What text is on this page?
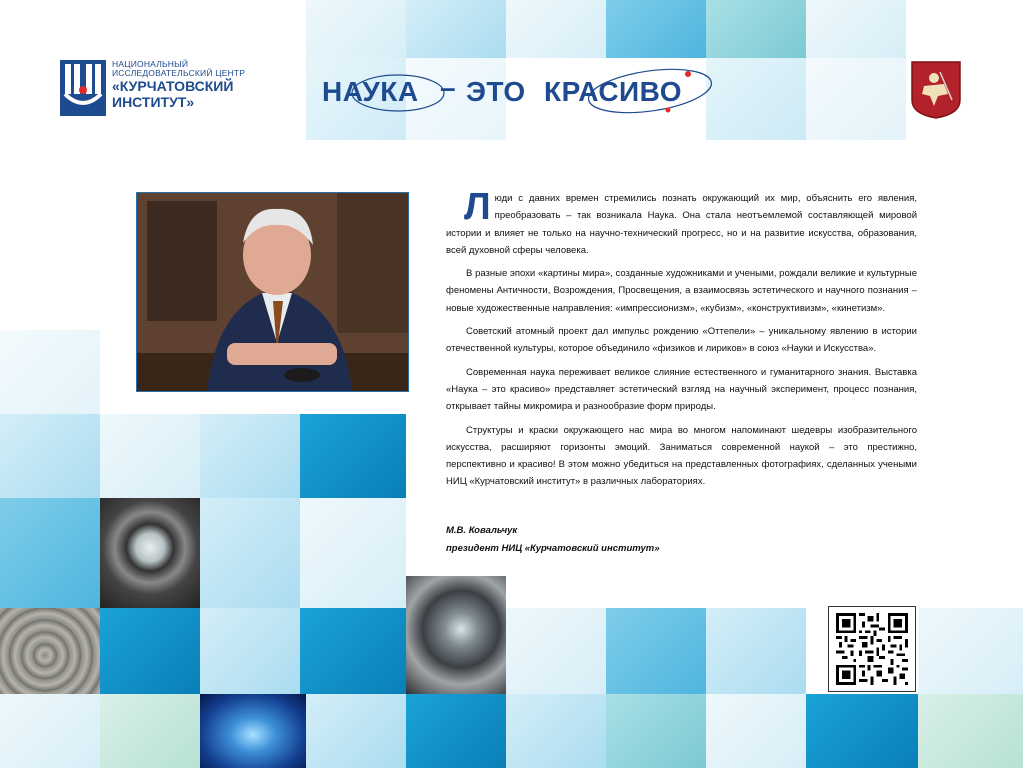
НАЦИОНАЛЬНЫЙ
ИССЛЕДОВАТЕЛЬСКИЙ ЦЕНТР
«КУРЧАТОВСКИЙ
ИНСТИТУТ»	НАУКА – ЭТО КРАСИВО

Л юди с давних времен стремились познать окружающий их мир, объяснить его явления, преобразовать – так возникала Наука. Она стала неотъемлемой составляющей мировой истории и влияет не только на научно-технический прогресс, но и на развитие искусства, образования, всей духовной сферы человека.

В разные эпохи «картины мира», созданные художниками и учеными, рождали великие и культурные феномены Античности, Возрождения, Просвещения, а взаимосвязь эстетического и научного познания – новые художественные направления: «импрессионизм», «кубизм», «конструктивизм», «кинетизм».

Советский атомный проект дал импульс рождению «Оттепели» – уникальному явлению в истории отечественной культуры, которое объединило «физиков и лириков» в союз «Науки и Искусства».

Современная наука переживает великое слияние естественного и гуманитарного знания. Выставка «Наука – это красиво» представляет эстетический взгляд на научный эксперимент, процесс познания, открывает тайны микромира и разнообразие форм природы.

Структуры и краски окружающего нас мира во многом напоминают шедевры изобразительного искусства, расширяют горизонты эмоций. Заниматься современной наукой – это престижно, перспективно и красиво! В этом можно убедиться на представленных фотографиях, сделанных учеными НИЦ «Курчатовский институт» в различных лабораториях.

М.В. Ковальчук
президент НИЦ «Курчатовский институт»
